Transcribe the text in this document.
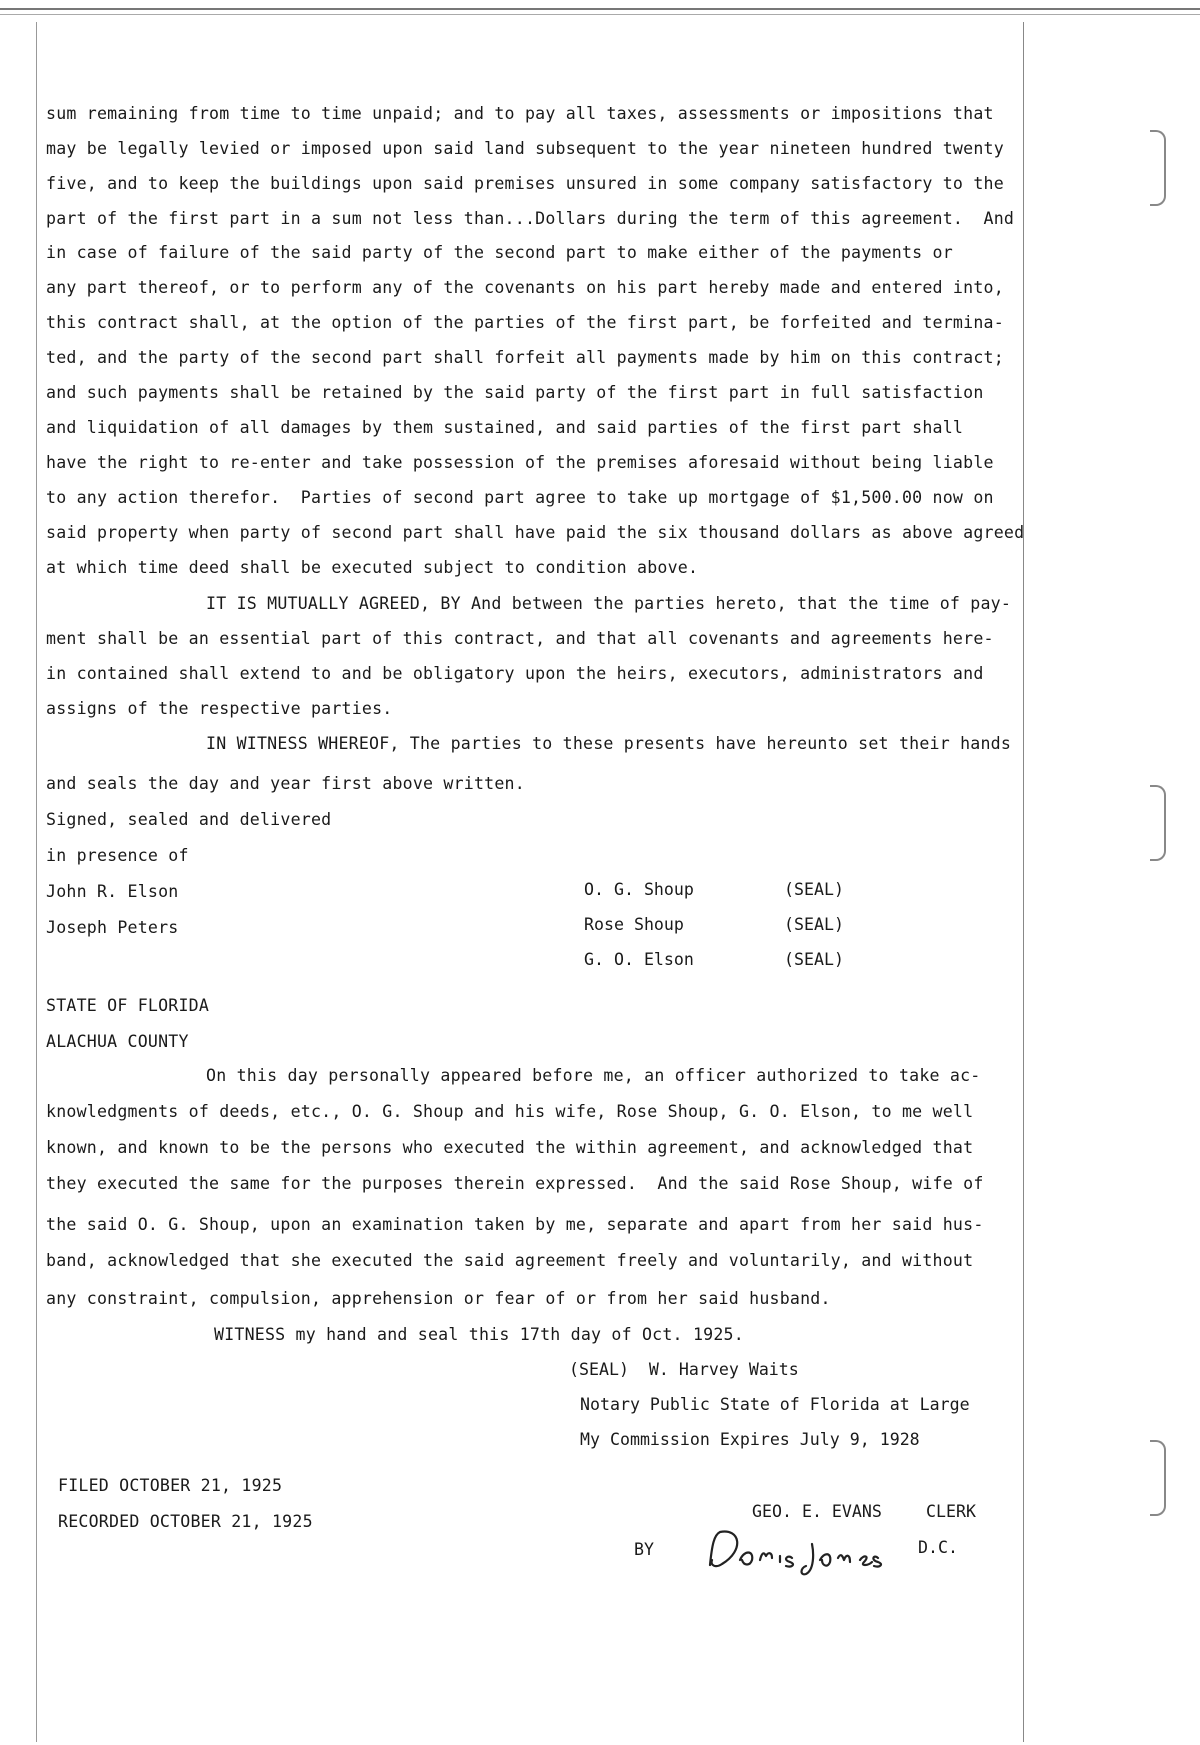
sum remaining from time to time unpaid; and to pay all taxes, assessments or impositions that
may be legally levied or imposed upon said land subsequent to the year nineteen hundred twenty
five, and to keep the buildings upon said premises unsured in some company satisfactory to the
part of the first part in a sum not less than...Dollars during the term of this agreement.  And
in case of failure of the said party of the second part to make either of the payments or
any part thereof, or to perform any of the covenants on his part hereby made and entered into,
this contract shall, at the option of the parties of the first part, be forfeited and termina-
ted, and the party of the second part shall forfeit all payments made by him on this contract;
and such payments shall be retained by the said party of the first part in full satisfaction
and liquidation of all damages by them sustained, and said parties of the first part shall
have the right to re-enter and take possession of the premises aforesaid without being liable
to any action therefor.  Parties of second part agree to take up mortgage of $1,500.00 now on
said property when party of second part shall have paid the six thousand dollars as above agreed
at which time deed shall be executed subject to condition above.
IT IS MUTUALLY AGREED, BY And between the parties hereto, that the time of pay-
ment shall be an essential part of this contract, and that all covenants and agreements here-
in contained shall extend to and be obligatory upon the heirs, executors, administrators and
assigns of the respective parties.
IN WITNESS WHEREOF, The parties to these presents have hereunto set their hands
and seals the day and year first above written.
Signed, sealed and delivered
in presence of
John R. Elson
Joseph Peters
O. G. Shoup	(SEAL)
Rose Shoup	(SEAL)
G. O. Elson	(SEAL)
STATE OF FLORIDA
ALACHUA COUNTY
On this day personally appeared before me, an officer authorized to take ac-
knowledgments of deeds, etc., O. G. Shoup and his wife, Rose Shoup, G. O. Elson, to me well
known, and known to be the persons who executed the within agreement, and acknowledged that
they executed the same for the purposes therein expressed.  And the said Rose Shoup, wife of
the said O. G. Shoup, upon an examination taken by me, separate and apart from her said hus-
band, acknowledged that she executed the said agreement freely and voluntarily, and without
any constraint, compulsion, apprehension or fear of or from her said husband.
WITNESS my hand and seal this 17th day of Oct. 1925.
(SEAL)  W. Harvey Waits
Notary Public State of Florida at Large
My Commission Expires July 9, 1928
FILED OCTOBER 21, 1925
RECORDED OCTOBER 21, 1925
GEO. E. EVANS	CLERK
BY	D.C.
